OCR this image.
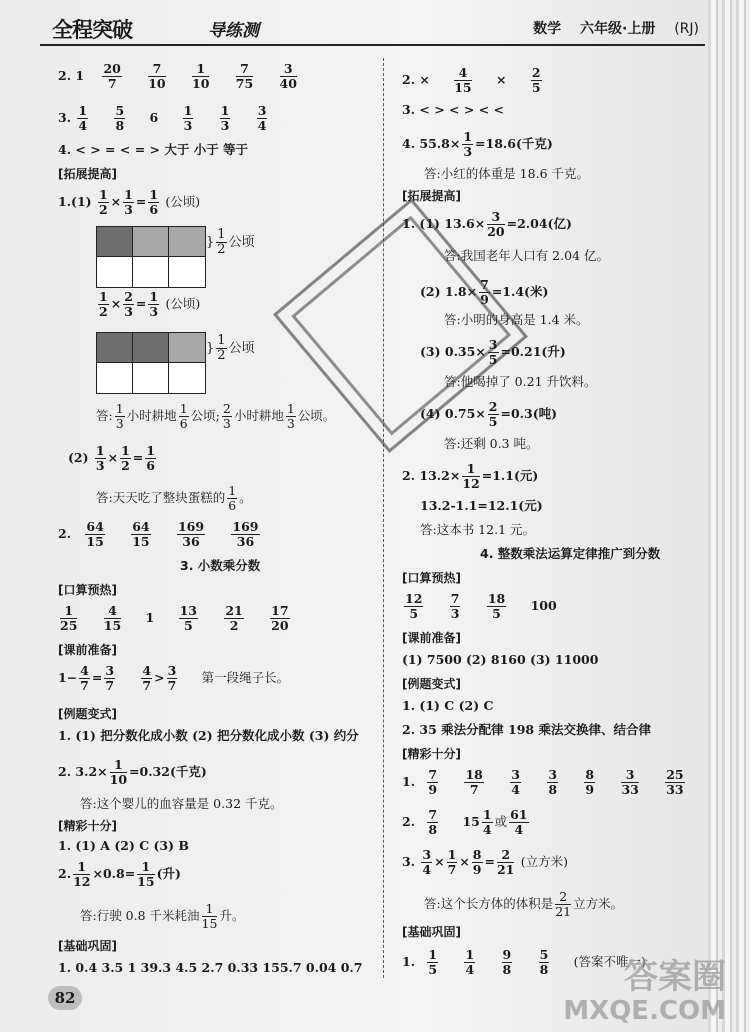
全程突破	导练测	数学 六年级·上册 (RJ)
2. $1 \frac{20}{7}$
$\frac{7}{10}$
$\frac{1}{10}$
$\frac{7}{75}$
$\frac{3}{40}$
3. $\frac{1}{4}$
$\frac{5}{8} 6 \frac{1}{3}$
$\frac{1}{3}$
$\frac{3}{4}$
4. < > = < = > 大于 小于 等于
[拓展提高]
$1.(1) \frac{1}{2} \times \frac{1}{3} = \frac{1}{6}$ (公顷)
} $\frac{1}{2}$ 公顷
$\frac{1}{2} \times \frac{2}{3} = \frac{1}{3}$ (公顷)
} $\frac{1}{2}$ 公顷
答: $\frac{1}{3}$ 小时耕地 $\frac{1}{6}$ 公顷; $\frac{2}{3}$ 小时耕地 $\frac{1}{3}$ 公顷。
$(2) \frac{1}{3} \times \frac{1}{2} = \frac{1}{6}$
答:天天吃了整块蛋糕的 $\frac{1}{6}$ 。
2. $\frac{64}{15}$
$\frac{64}{15}$
$\frac{169}{36}$
$\frac{169}{36}$
3. 小数乘分数
[口算预热]
$\frac{1}{25}$
$\frac{4}{15} 1 \frac{13}{5}$
$\frac{21}{2}$
$\frac{17}{20}$
[课前准备]
$1- \frac{4}{7} = \frac{3}{7}$
$\frac{4}{7} > \frac{3}{7}$ 第一段绳子长。
[例题变式]
1. (1) 把分数化成小数 (2) 把分数化成小数 (3) 约分
2. $3.2\times \frac{1}{10} =0.32$(千克)
答:这个婴儿的血容量是 0.32 千克。
[精彩十分]
1. (1) A (2) C (3) B
2. $\frac{1}{12} \times 0.8= \frac{1}{15}$ (升)
答:行驶 0.8 千米耗油 $\frac{1}{15}$ 升。
[基础巩固]
1. 0.4 3.5 1 39.3 4.5 2.7 0.33 155.7 0.04 0.7
2. × $\frac{4}{15} \times \frac{2}{5}$
3. < > < > < <
4. $55.8\times \frac{1}{3} =18.6$(千克)
答:小红的体重是 18.6 千克。
[拓展提高]
1. (1) $13.6\times \frac{3}{20} =2.04$(亿)
答:我国老年人口有 2.04 亿。
(2) $1.8\times \frac{7}{9} =1.4$(米)
答:小明的身高是 1.4 米。
(3) $0.35\times \frac{3}{5} =0.21$(升)
答:他喝掉了 0.21 升饮料。
(4) $0.75\times \frac{2}{5} =0.3$(吨)
答:还剩 0.3 吨。
2. $13.2\times \frac{1}{12} =1.1$(元)
13.2-1.1=12.1(元)
答:这本书 12.1 元。
4. 整数乘法运算定律推广到分数
[口算预热]
$\frac{12}{5}$
$\frac{7}{3}$
$\frac{18}{5} 100$
[课前准备]
(1) 7500 (2) 8160 (3) 11000
[例题变式]
1. (1) C (2) C
2. 35 乘法分配律 198 乘法交换律、结合律
[精彩十分]
1. $\frac{7}{9}$
$\frac{18}{7}$
$\frac{3}{4}$
$\frac{3}{8}$
$\frac{8}{9}$
$\frac{3}{33}$
$\frac{25}{33}$
2. $\frac{7}{8} 15 \frac{1}{4}$ 或 $\frac{61}{4}$
3. $\frac{3}{4} \times \frac{1}{7} \times \frac{8}{9} = \frac{2}{21}$ (立方米)
答:这个长方体的体积是 $\frac{2}{21}$ 立方米。
[基础巩固]
1. $\frac{1}{5}$
$\frac{1}{4}$
$\frac{9}{8}$
$\frac{5}{8}$ (答案不唯一)
82
答案圈
MXQE.COM
